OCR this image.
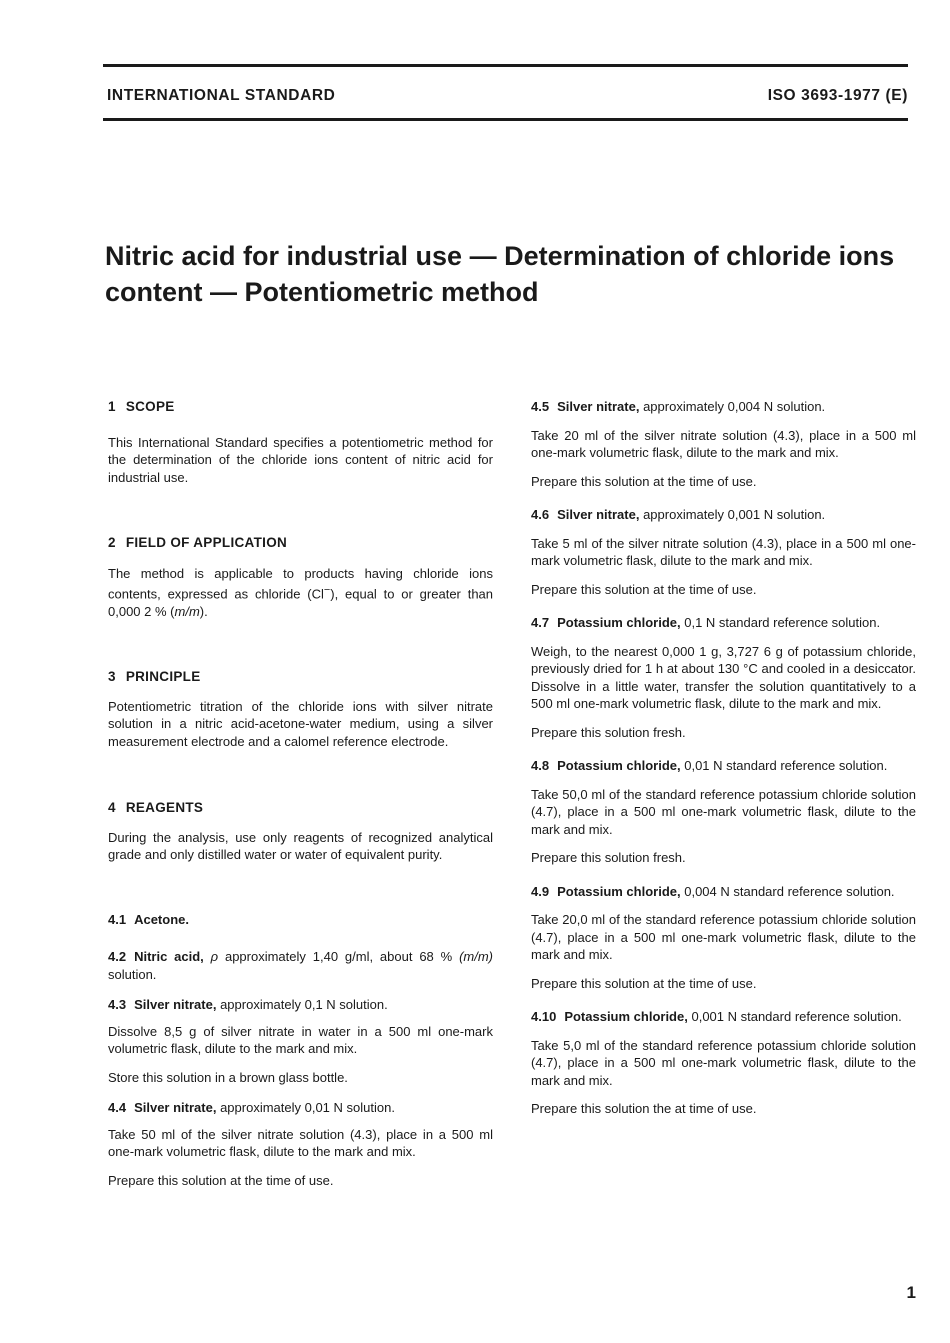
INTERNATIONAL STANDARD	ISO 3693-1977 (E)
Nitric acid for industrial use — Determination of chloride ions
content — Potentiometric method
1 SCOPE

This International Standard specifies a potentiometric method for the determination of the chloride ions content of nitric acid for industrial use.

2 FIELD OF APPLICATION

The method is applicable to products having chloride ions contents, expressed as chloride (Cl−), equal to or greater than 0,000 2 % (m/m).

3 PRINCIPLE

Potentiometric titration of the chloride ions with silver nitrate solution in a nitric acid-acetone-water medium, using a silver measurement electrode and a calomel reference electrode.

4 REAGENTS

During the analysis, use only reagents of recognized analytical grade and only distilled water or water of equivalent purity.

4.1 Acetone.

4.2 Nitric acid, ρ approximately 1,40 g/ml, about 68 % (m/m) solution.

4.3 Silver nitrate, approximately 0,1 N solution.

Dissolve 8,5 g of silver nitrate in water in a 500 ml one-mark volumetric flask, dilute to the mark and mix.

Store this solution in a brown glass bottle.

4.4 Silver nitrate, approximately 0,01 N solution.

Take 50 ml of the silver nitrate solution (4.3), place in a 500 ml one-mark volumetric flask, dilute to the mark and mix.

Prepare this solution at the time of use.

4.5 Silver nitrate, approximately 0,004 N solution.

Take 20 ml of the silver nitrate solution (4.3), place in a 500 ml one-mark volumetric flask, dilute to the mark and mix.

Prepare this solution at the time of use.

4.6 Silver nitrate, approximately 0,001 N solution.

Take 5 ml of the silver nitrate solution (4.3), place in a 500 ml one-mark volumetric flask, dilute to the mark and mix.

Prepare this solution at the time of use.

4.7 Potassium chloride, 0,1 N standard reference solution.

Weigh, to the nearest 0,000 1 g, 3,727 6 g of potassium chloride, previously dried for 1 h at about 130 °C and cooled in a desiccator. Dissolve in a little water, transfer the solution quantitatively to a 500 ml one-mark volumetric flask, dilute to the mark and mix.

Prepare this solution fresh.

4.8 Potassium chloride, 0,01 N standard reference solution.

Take 50,0 ml of the standard reference potassium chloride solution (4.7), place in a 500 ml one-mark volumetric flask, dilute to the mark and mix.

Prepare this solution fresh.

4.9 Potassium chloride, 0,004 N standard reference solution.

Take 20,0 ml of the standard reference potassium chloride solution (4.7), place in a 500 ml one-mark volumetric flask, dilute to the mark and mix.

Prepare this solution at the time of use.

4.10 Potassium chloride, 0,001 N standard reference solution.

Take 5,0 ml of the standard reference potassium chloride solution (4.7), place in a 500 ml one-mark volumetric flask, dilute to the mark and mix.

Prepare this solution the at time of use.

1
